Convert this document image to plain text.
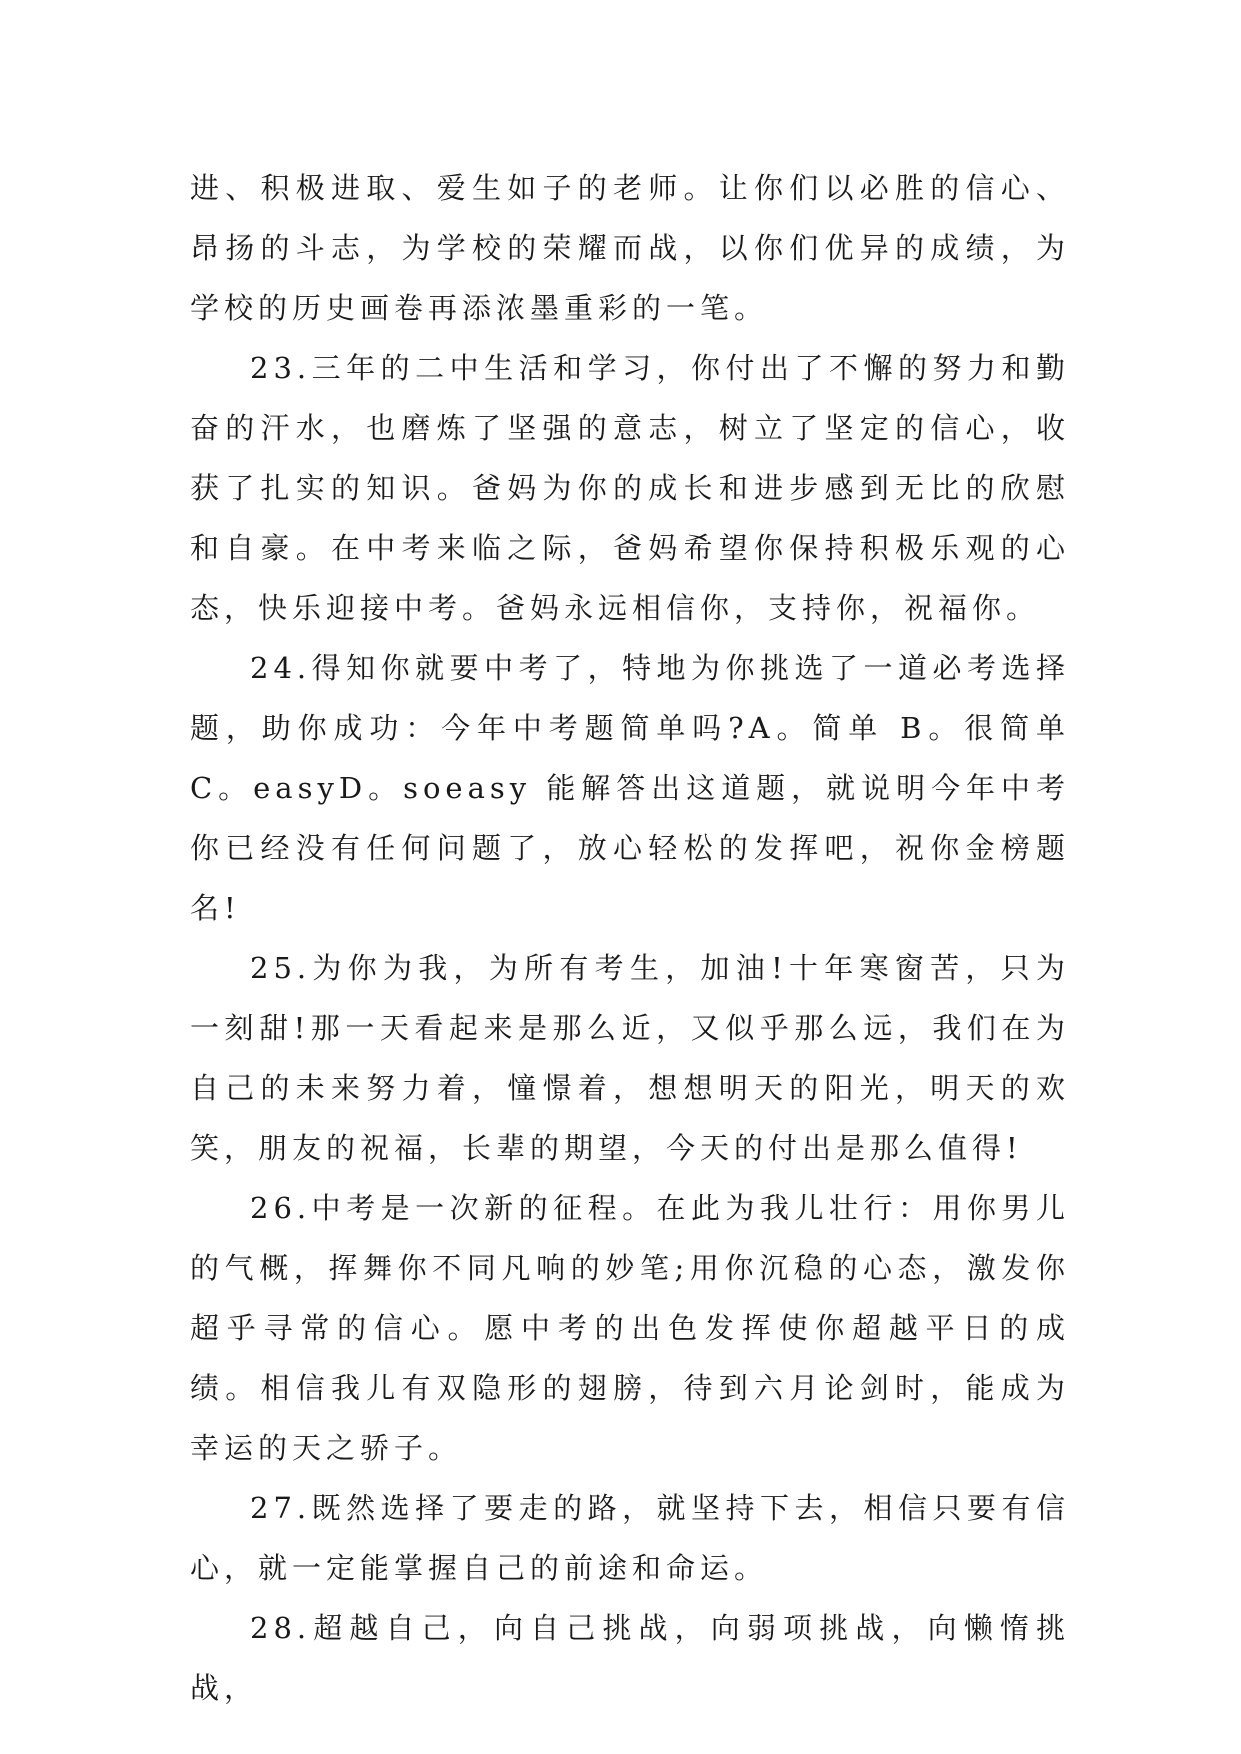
进、积极进取、爱生如子的老师。让你们以必胜的信心、昂扬的斗志，为学校的荣耀而战，以你们优异的成绩，为学校的历史画卷再添浓墨重彩的一笔。

23.三年的二中生活和学习，你付出了不懈的努力和勤奋的汗水，也磨炼了坚强的意志，树立了坚定的信心，收获了扎实的知识。爸妈为你的成长和进步感到无比的欣慰和自豪。在中考来临之际，爸妈希望你保持积极乐观的心态，快乐迎接中考。爸妈永远相信你，支持你，祝福你。

24.得知你就要中考了，特地为你挑选了一道必考选择题，助你成功：今年中考题简单吗?A。简单 B。很简单 C。easyD。soeasy 能解答出这道题，就说明今年中考你已经没有任何问题了，放心轻松的发挥吧，祝你金榜题名!

25.为你为我，为所有考生，加油!十年寒窗苦，只为一刻甜!那一天看起来是那么近，又似乎那么远，我们在为自己的未来努力着，憧憬着，想想明天的阳光，明天的欢笑，朋友的祝福，长辈的期望，今天的付出是那么值得!

26.中考是一次新的征程。在此为我儿壮行：用你男儿的气概，挥舞你不同凡响的妙笔;用你沉稳的心态，激发你超乎寻常的信心。愿中考的出色发挥使你超越平日的成绩。相信我儿有双隐形的翅膀，待到六月论剑时，能成为幸运的天之骄子。

27.既然选择了要走的路，就坚持下去，相信只要有信心，就一定能掌握自己的前途和命运。

28.超越自己，向自己挑战，向弱项挑战，向懒惰挑战，
